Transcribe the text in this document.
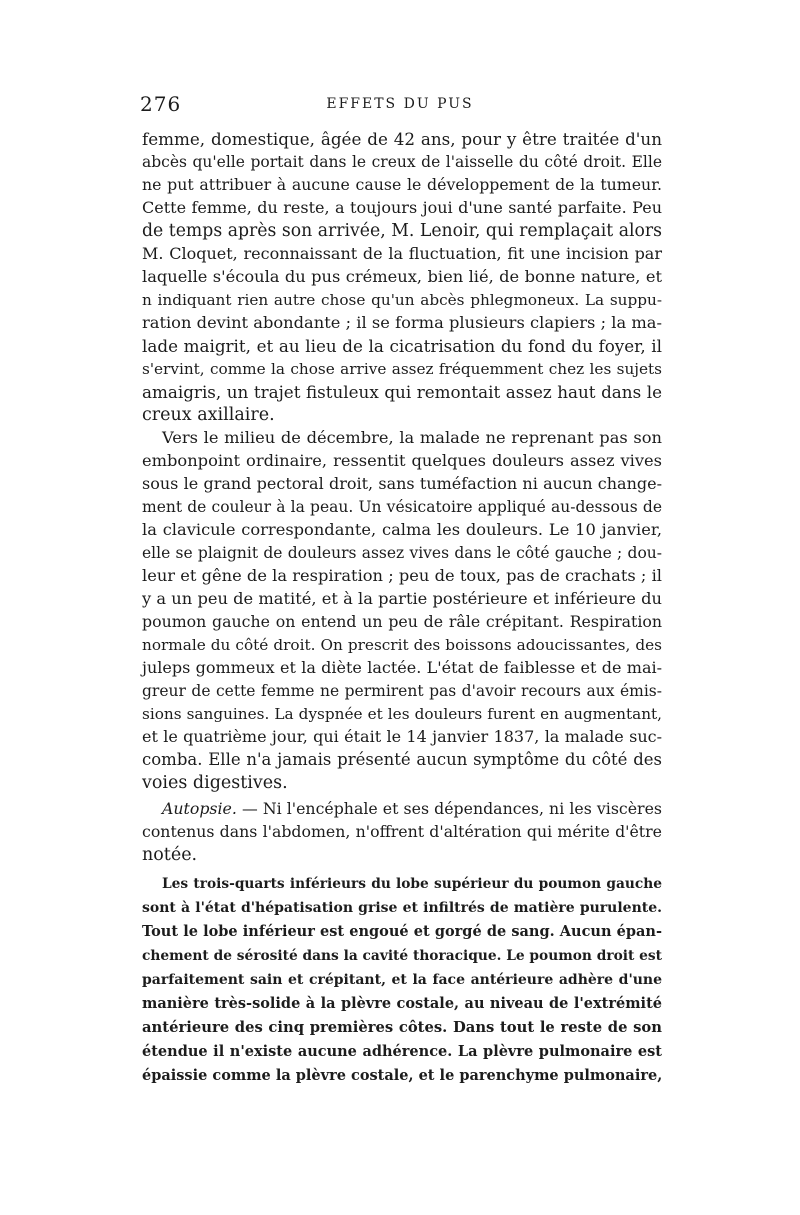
276	EFFETS DU PUS
femme, domestique, âgée de 42 ans, pour y être traitée d'un
abcès qu'elle portait dans le creux de l'aisselle du côté droit. Elle
ne put attribuer à aucune cause le développement de la tumeur.
Cette femme, du reste, a toujours joui d'une santé parfaite. Peu
de temps après son arrivée, M. Lenoir, qui remplaçait alors
M. Cloquet, reconnaissant de la fluctuation, fit une incision par
laquelle s'écoula du pus crémeux, bien lié, de bonne nature, et
n indiquant rien autre chose qu'un abcès phlegmoneux. La suppu-
ration devint abondante ; il se forma plusieurs clapiers ; la ma-
lade maigrit, et au lieu de la cicatrisation du fond du foyer, il
s'ervint, comme la chose arrive assez fréquemment chez les sujets
amaigris, un trajet fistuleux qui remontait assez haut dans le
creux axillaire.
Vers le milieu de décembre, la malade ne reprenant pas son
embonpoint ordinaire, ressentit quelques douleurs assez vives
sous le grand pectoral droit, sans tuméfaction ni aucun change-
ment de couleur à la peau. Un vésicatoire appliqué au-dessous de
la clavicule correspondante, calma les douleurs. Le 10 janvier,
elle se plaignit de douleurs assez vives dans le côté gauche ; dou-
leur et gêne de la respiration ; peu de toux, pas de crachats ; il
y a un peu de matité, et à la partie postérieure et inférieure du
poumon gauche on entend un peu de râle crépitant. Respiration
normale du côté droit. On prescrit des boissons adoucissantes, des
juleps gommeux et la diète lactée. L'état de faiblesse et de mai-
greur de cette femme ne permirent pas d'avoir recours aux émis-
sions sanguines. La dyspnée et les douleurs furent en augmentant,
et le quatrième jour, qui était le 14 janvier 1837, la malade suc-
comba. Elle n'a jamais présenté aucun symptôme du côté des
voies digestives.
Autopsie. — Ni l'encéphale et ses dépendances, ni les viscères
contenus dans l'abdomen, n'offrent d'altération qui mérite d'être
notée.
Les trois-quarts inférieurs du lobe supérieur du poumon gauche
sont à l'état d'hépatisation grise et infiltrés de matière purulente.
Tout le lobe inférieur est engoué et gorgé de sang. Aucun épan-
chement de sérosité dans la cavité thoracique. Le poumon droit est
parfaitement sain et crépitant, et la face antérieure adhère d'une
manière très-solide à la plèvre costale, au niveau de l'extrémité
antérieure des cinq premières côtes. Dans tout le reste de son
étendue il n'existe aucune adhérence. La plèvre pulmonaire est
épaissie comme la plèvre costale, et le parenchyme pulmonaire,
